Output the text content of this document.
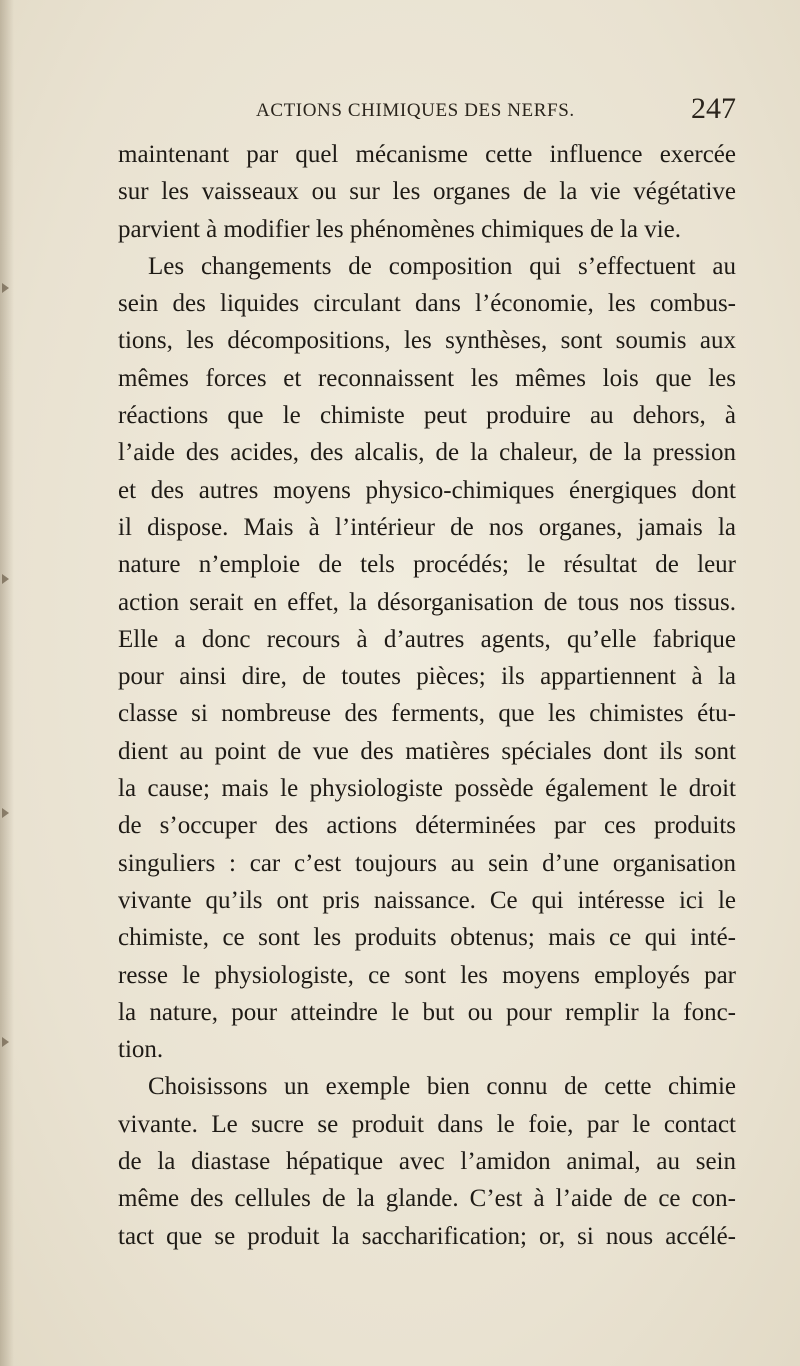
ACTIONS CHIMIQUES DES NERFS.	247
maintenant par quel mécanisme cette influence exercée
sur les vaisseaux ou sur les organes de la vie végétative
parvient à modifier les phénomènes chimiques de la vie.
Les changements de composition qui s’effectuent au
sein des liquides circulant dans l’économie, les combus-
tions, les décompositions, les synthèses, sont soumis aux
mêmes forces et reconnaissent les mêmes lois que les
réactions que le chimiste peut produire au dehors, à
l’aide des acides, des alcalis, de la chaleur, de la pression
et des autres moyens physico-chimiques énergiques dont
il dispose. Mais à l’intérieur de nos organes, jamais la
nature n’emploie de tels procédés; le résultat de leur
action serait en effet, la désorganisation de tous nos tissus.
Elle a donc recours à d’autres agents, qu’elle fabrique
pour ainsi dire, de toutes pièces; ils appartiennent à la
classe si nombreuse des ferments, que les chimistes étu-
dient au point de vue des matières spéciales dont ils sont
la cause; mais le physiologiste possède également le droit
de s’occuper des actions déterminées par ces produits
singuliers : car c’est toujours au sein d’une organisation
vivante qu’ils ont pris naissance. Ce qui intéresse ici le
chimiste, ce sont les produits obtenus; mais ce qui inté-
resse le physiologiste, ce sont les moyens employés par
la nature, pour atteindre le but ou pour remplir la fonc-
tion.
Choisissons un exemple bien connu de cette chimie
vivante. Le sucre se produit dans le foie, par le contact
de la diastase hépatique avec l’amidon animal, au sein
même des cellules de la glande. C’est à l’aide de ce con-
tact que se produit la saccharification; or, si nous accélé-
